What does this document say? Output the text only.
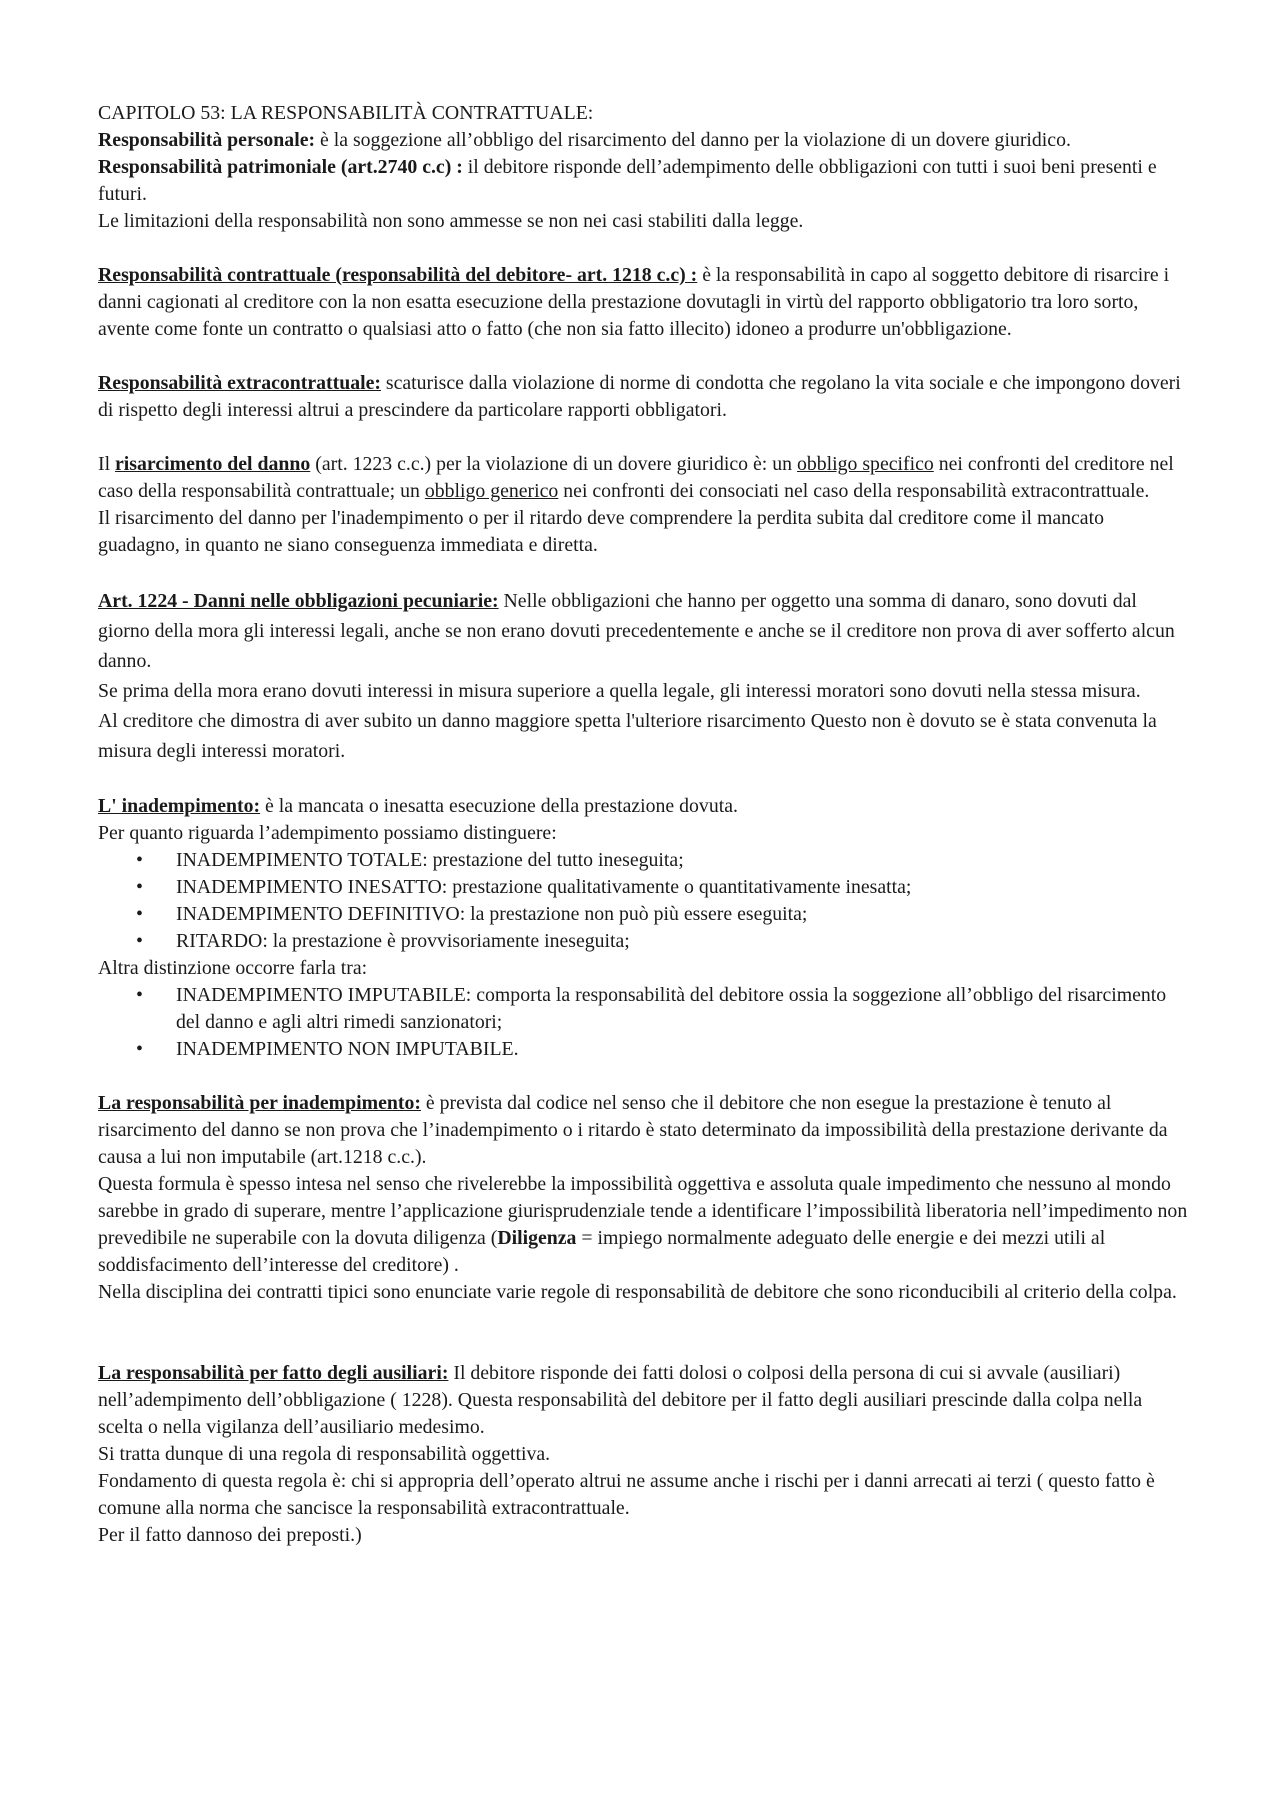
CAPITOLO 53: LA RESPONSABILITÀ CONTRATTUALE:

Responsabilità personale: è la soggezione all’obbligo del risarcimento del danno per la violazione di un dovere giuridico.

Responsabilità patrimoniale (art.2740 c.c) : il debitore risponde dell’adempimento delle obbligazioni con tutti i suoi beni presenti e futuri.

Le limitazioni della responsabilità non sono ammesse se non nei casi stabiliti dalla legge.

Responsabilità contrattuale (responsabilità del debitore- art. 1218 c.c) : è la responsabilità in capo al soggetto debitore di risarcire i danni cagionati al creditore con la non esatta esecuzione della prestazione dovutagli in virtù del rapporto obbligatorio tra loro sorto, avente come fonte un contratto o qualsiasi atto o fatto (che non sia fatto illecito) idoneo a produrre un'obbligazione.

Responsabilità extracontrattuale: scaturisce dalla violazione di norme di condotta che regolano la vita sociale e che impongono doveri di rispetto degli interessi altrui a prescindere da particolare rapporti obbligatori.

Il risarcimento del danno (art. 1223 c.c.) per la violazione di un dovere giuridico è: un obbligo specifico nei confronti del creditore nel caso della responsabilità contrattuale; un obbligo generico nei confronti dei consociati nel caso della responsabilità extracontrattuale.

Il risarcimento del danno per l'inadempimento o per il ritardo deve comprendere la perdita subita dal creditore come il mancato guadagno, in quanto ne siano conseguenza immediata e diretta.

Art. 1224 - Danni nelle obbligazioni pecuniarie: Nelle obbligazioni che hanno per oggetto una somma di danaro, sono dovuti dal giorno della mora gli interessi legali, anche se non erano dovuti precedentemente e anche se il creditore non prova di aver sofferto alcun danno.

Se prima della mora erano dovuti interessi in misura superiore a quella legale, gli interessi moratori sono dovuti nella stessa misura.

Al creditore che dimostra di aver subito un danno maggiore spetta l'ulteriore risarcimento Questo non è dovuto se è stata convenuta la misura degli interessi moratori.

L' inadempimento: è la mancata o inesatta esecuzione della prestazione dovuta.

Per quanto riguarda l’adempimento possiamo distinguere:

• INADEMPIMENTO TOTALE: prestazione del tutto ineseguita;
• INADEMPIMENTO INESATTO: prestazione qualitativamente o quantitativamente inesatta;
• INADEMPIMENTO DEFINITIVO: la prestazione non può più essere eseguita;
• RITARDO: la prestazione è provvisoriamente ineseguita;

Altra distinzione occorre farla tra:

• INADEMPIMENTO IMPUTABILE: comporta la responsabilità del debitore ossia la soggezione all’obbligo del risarcimento del danno e agli altri rimedi sanzionatori;
• INADEMPIMENTO NON IMPUTABILE.

La responsabilità per inadempimento: è prevista dal codice nel senso che il debitore che non esegue la prestazione è tenuto al risarcimento del danno se non prova che l’inadempimento o i ritardo è stato determinato da impossibilità della prestazione derivante da causa a lui non imputabile (art.1218 c.c.).

Questa formula è spesso intesa nel senso che rivelerebbe la impossibilità oggettiva e assoluta quale impedimento che nessuno al mondo sarebbe in grado di superare, mentre l’applicazione giurisprudenziale tende a identificare l’impossibilità liberatoria nell’impedimento non prevedibile ne superabile con la dovuta diligenza (Diligenza = impiego normalmente adeguato delle energie e dei mezzi utili al soddisfacimento dell’interesse del creditore) .

Nella disciplina dei contratti tipici sono enunciate varie regole di responsabilità de debitore che sono riconducibili al criterio della colpa.

La responsabilità per fatto degli ausiliari: Il debitore risponde dei fatti dolosi o colposi della persona di cui si avvale (ausiliari) nell’adempimento dell’obbligazione ( 1228). Questa responsabilità del debitore per il fatto degli ausiliari prescinde dalla colpa nella scelta o nella vigilanza dell’ausiliario medesimo.

Si tratta dunque di una regola di responsabilità oggettiva.

Fondamento di questa regola è: chi si appropria dell’operato altrui ne assume anche i rischi per i danni arrecati ai terzi ( questo fatto è comune alla norma che sancisce la responsabilità extracontrattuale.

Per il fatto dannoso dei preposti.)
